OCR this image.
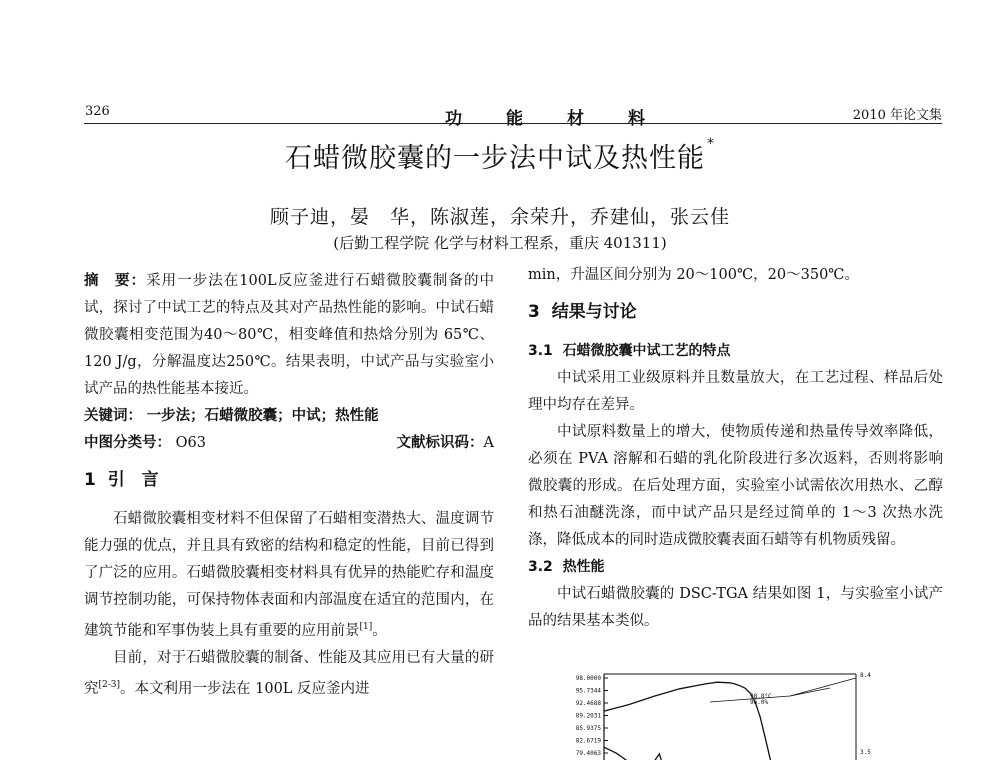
326	功能材料	2010 年论文集
石蜡微胶囊的一步法中试及热性能 *
顾子迪，晏　华，陈淑莲，余荣升，乔建仙，张云佳
(后勤工程学院 化学与材料工程系，重庆 401311)

摘　要：采用一步法在100L反应釜进行石蜡微胶囊制备的中试，探讨了中试工艺的特点及其对产品热性能的影响。中试石蜡微胶囊相变范围为40～80℃，相变峰值和热焓分别为 65℃、120 J/g，分解温度达250℃。结果表明，中试产品与实验室小试产品的热性能基本接近。

关键词： 一步法；石蜡微胶囊；中试；热性能

中图分类号： O63	文献标识码：A
1 引　言

石蜡微胶囊相变材料不但保留了石蜡相变潜热大、温度调节能力强的优点，并且具有致密的结构和稳定的性能，目前已得到了广泛的应用。石蜡微胶囊相变材料具有优异的热能贮存和温度调节控制功能，可保持物体表面和内部温度在适宜的范围内，在建筑节能和军事伪装上具有重要的应用前景[1]。

目前，对于石蜡微胶囊的制备、性能及其应用已有大量的研究[2-3]。本文利用一步法在 100L 反应釜内进

min，升温区间分别为 20～100℃，20～350℃。

3 结果与讨论
3.1 石蜡微胶囊中试工艺的特点

中试采用工业级原料并且数量放大，在工艺过程、样品后处理中均存在差异。

中试原料数量上的增大，使物质传递和热量传导效率降低，必须在 PVA 溶解和石蜡的乳化阶段进行多次返料，否则将影响微胶囊的形成。在后处理方面，实验室小试需依次用热水、乙醇和热石油醚洗涤，而中试产品只是经过简单的 1～3 次热水洗涤，降低成本的同时造成微胶囊表面石蜡等有机物质残留。

3.2 热性能

中试石蜡微胶囊的 DSC-TGA 结果如图 1，与实验室小试产品的结果基本类似。

98.0000
95.7344
92.4688
89.2031
85.9375
82.6719
79.4063
8.4
3.5
98.8°C
96.0%
